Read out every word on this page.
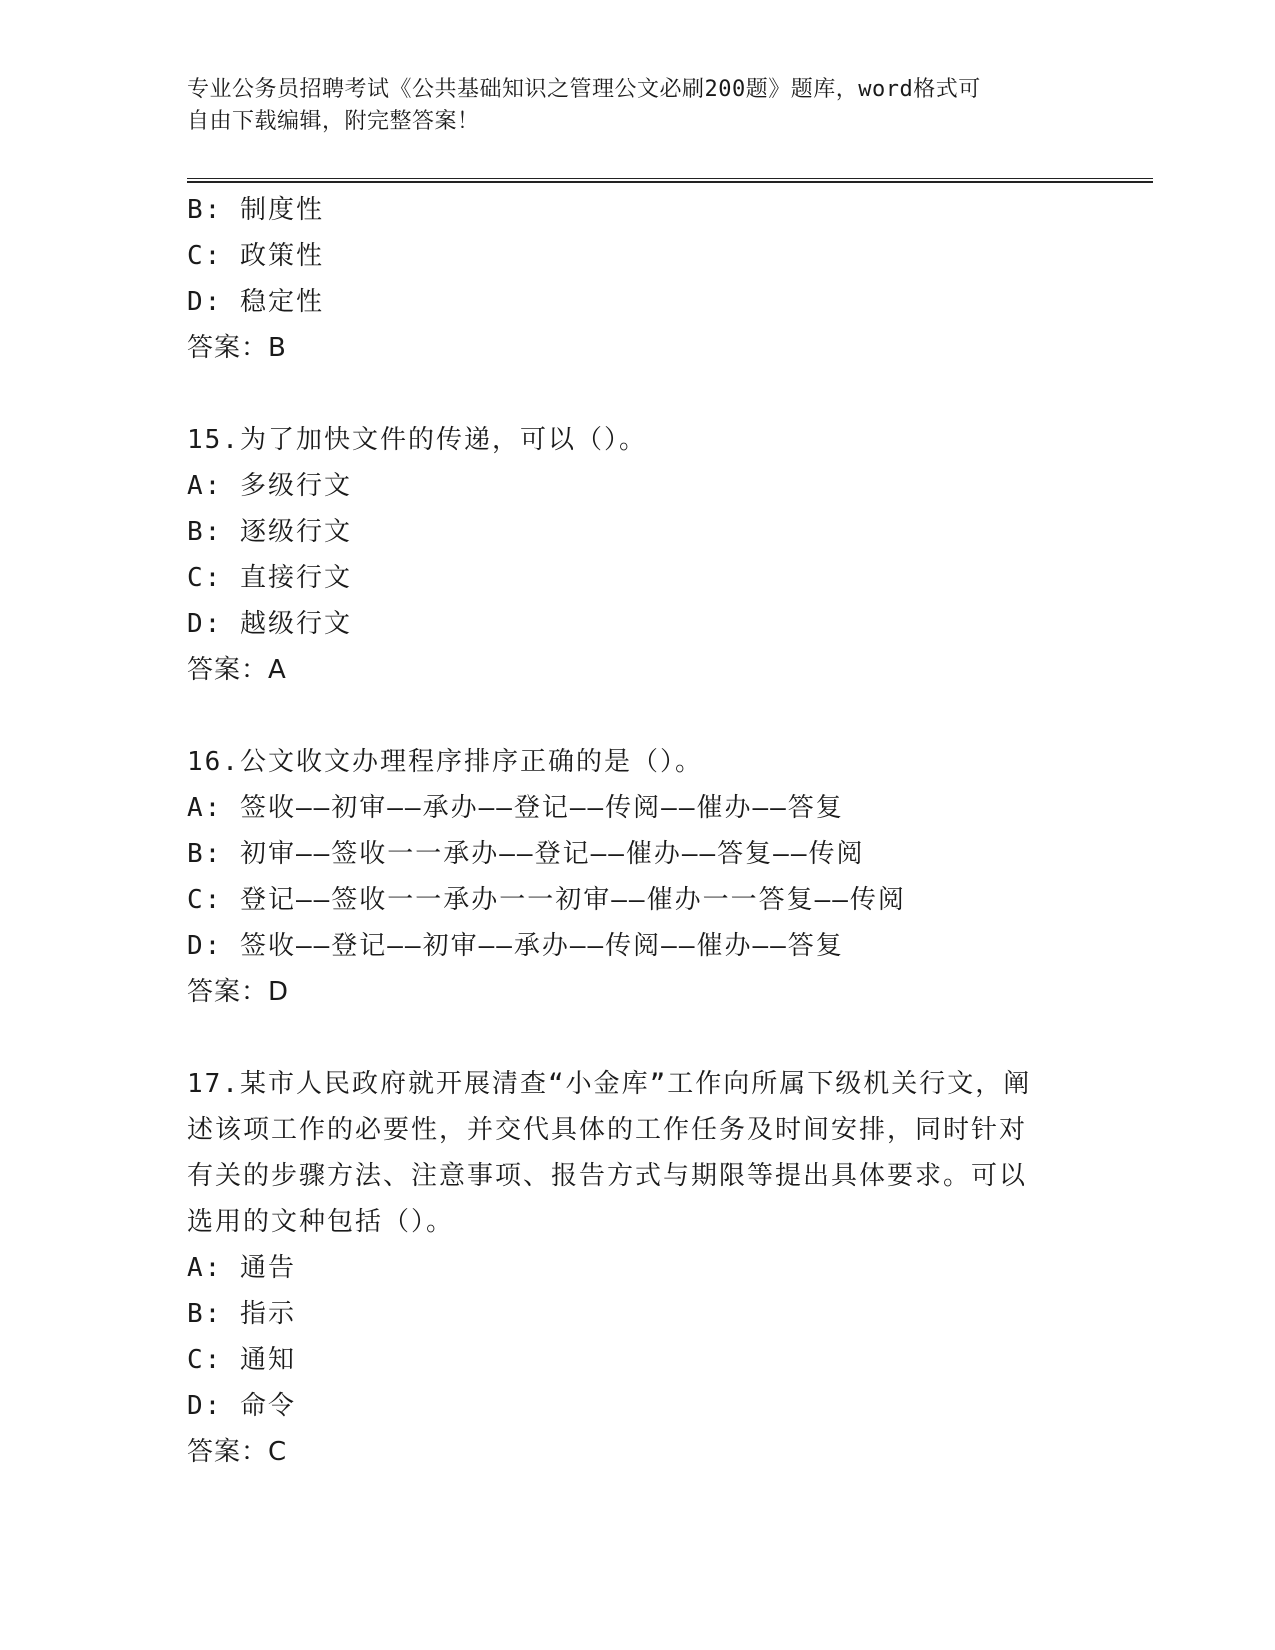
专业公务员招聘考试《公共基础知识之管理公文必刷200题》题库，word格式可
自由下载编辑，附完整答案！
B: 制度性
C: 政策性
D: 稳定性
答案：B
15.为了加快文件的传递，可以（）。
A: 多级行文
B: 逐级行文
C: 直接行文
D: 越级行文
答案：A
16.公文收文办理程序排序正确的是（）。
A: 签收——初审——承办——登记——传阅——催办——答复
B: 初审——签收一一承办——登记——催办——答复——传阅
C: 登记——签收一一承办一一初审——催办一一答复——传阅
D: 签收——登记——初审——承办——传阅——催办——答复
答案：D
17.某市人民政府就开展清查“小金库”工作向所属下级机关行文，阐
述该项工作的必要性，并交代具体的工作任务及时间安排，同时针对
有关的步骤方法、注意事项、报告方式与期限等提出具体要求。可以
选用的文种包括（）。
A: 通告
B: 指示
C: 通知
D: 命令
答案：C
